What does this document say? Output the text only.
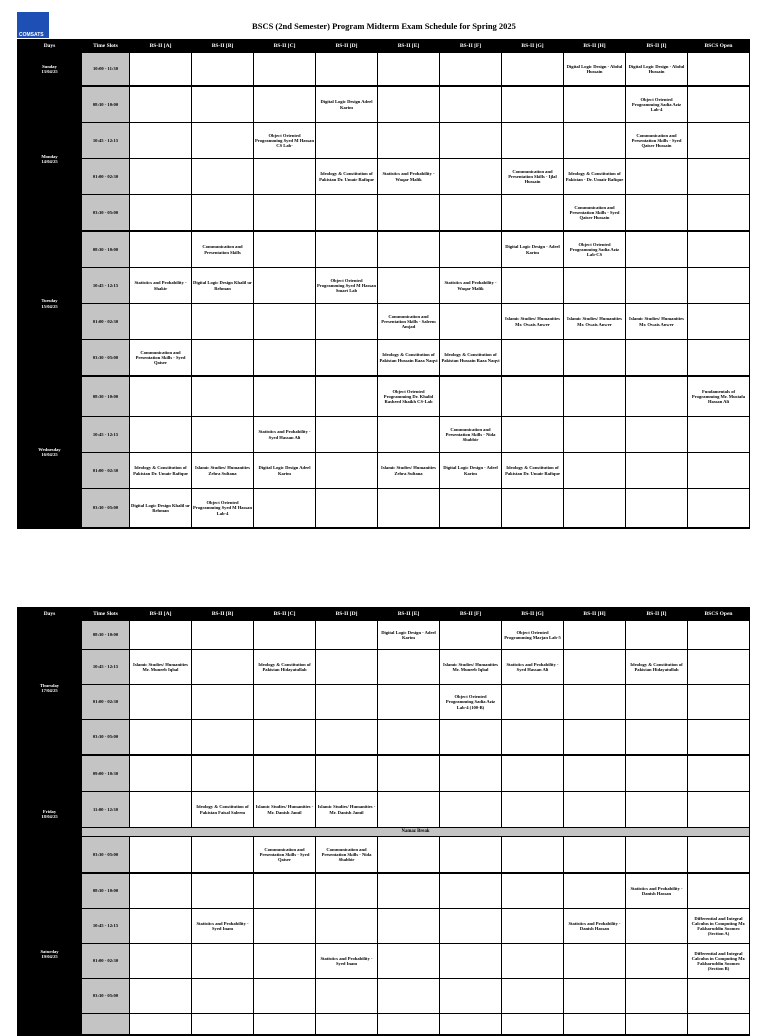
COMSATS
BSCS (2nd Semester) Program Midterm Exam Schedule for Spring 2025
Days	Time Slots	BS-II [A]	BS-II [B]	BS-II [C]	BS-II [D]	BS-II [E]	BS-II [F]	BS-II [G]	BS-II [H]	BS-II [I]	BSCS Open

Sunday
13/04/25	10:00 - 11:30								Digital Logic Design - Abdul Hussain	Digital Logic Design - Abdul Hussain	

Monday
14/04/25	08:30 - 10:00				Digital Logic Design Adeel Karim					Object Oriented Programming Sadia Aziz Lab-4	
	10:45 - 12:15			Object Oriented Programming Syed M Hassan CS Lab-						Communication and Presentation Skills - Syed Qaiser Hussain	
	01:00 - 02:30				Ideology & Constitution of Pakistan Dr. Umair Rafique	Statistics and Probability - Waqar Malik		Communication and Presentation Skills - Ijlal Hussain	Ideology & Constitution of Pakistan - Dr. Umair Rafique		
	03:30 - 05:00								Communication and Presentation Skills - Syed Qaiser Hussain		

Tuesday
15/04/25	08:30 - 10:00		Communication and Presentation Skills					Digital Logic Design - Adeel Karim	Object Oriented Programming Sadia Aziz Lab-CS		
	10:45 - 12:15	Statistics and Probability - Shakir	Digital Logic Design Khalil ur Rehman		Object Oriented Programming Syed M Hassan Smart Lab		Statistics and Probability - Waqar Malik				
	01:00 - 02:30					Communication and Presentation Skills - Saleem Amjad		Islamic Studies/ Humanities Mr. Owais Anwer	Islamic Studies/ Humanities Mr. Owais Anwer	Islamic Studies/ Humanities Mr. Owais Anwer	
	03:30 - 05:00	Communication and Presentation Skills - Syed Qaiser				Ideology & Constitution of Pakistan Hussain Raza Naqvi	Ideology & Constitution of Pakistan Hussain Raza Naqvi				

Wednesday
16/04/25	08:30 - 10:00					Object Oriented Programming Dr. Khalid Rasheed Shaikh CS-Lab					Fundamentals of Programming Mr. Mustafa Hassan Ali
	10:45 - 12:15			Statistics and Probability - Syed Hassan Ali			Communication and Presentation Skills - Nida Shabbir				
	01:00 - 02:30	Ideology & Constitution of Pakistan Dr. Umair Rafique	Islamic Studies/ Humanities Zehra Sultana	Digital Logic Design Adeel Karim		Islamic Studies/ Humanities Zehra Sultana	Digital Logic Design - Adeel Karim	Ideology & Constitution of Pakistan Dr. Umair Rafique			
	03:30 - 05:00	Digital Logic Design Khalil ur Rehman	Object Oriented Programming Syed M Hassan Lab-4								
Days	Time Slots	BS-II [A]	BS-II [B]	BS-II [C]	BS-II [D]	BS-II [E]	BS-II [F]	BS-II [G]	BS-II [H]	BS-II [I]	BSCS Open

Thursday
17/04/25	08:30 - 10:00					Digital Logic Design - Adeel Karim		Object Oriented Programming Marjan Lab-5			
	10:45 - 12:15	Islamic Studies/ Humanities Mr. Muneeb Iqbal		Ideology & Constitution of Pakistan Hidayatullah			Islamic Studies/ Humanities Mr. Muneeb Iqbal	Statistics and Probability - Syed Hassan Ali		Ideology & Constitution of Pakistan Hidayatullah	
	01:00 - 02:30						Object Oriented Programming Sadia Aziz Lab-4 (100-B)				
	03:30 - 05:00										

Friday
18/04/25	09:00 - 10:30										
	11:00 - 12:30		Ideology & Constitution of Pakistan Faisal Saleem	Islamic Studies/ Humanities - Mr. Danish Jamil	Islamic Studies/ Humanities - Mr. Danish Jamil						
	Namaz Break										
	03:30 - 05:00			Communication and Presentation Skills - Syed Qaiser	Communication and Presentation Skills - Nida Shabbir						

Saturday
19/04/25	08:30 - 10:00									Statistics and Probability - Danish Hassan	
	10:45 - 12:15		Statistics and Probability - Syed Inam						Statistics and Probability - Danish Hassan		Differential and Integral Calculus in Computing Mr. Fakharuddin Soomro (Section A)
	01:00 - 02:30				Statistics and Probability - Syed Inam						Differential and Integral Calculus in Computing Mr. Fakharuddin Soomro (Section B)
	03:30 - 05:00										
